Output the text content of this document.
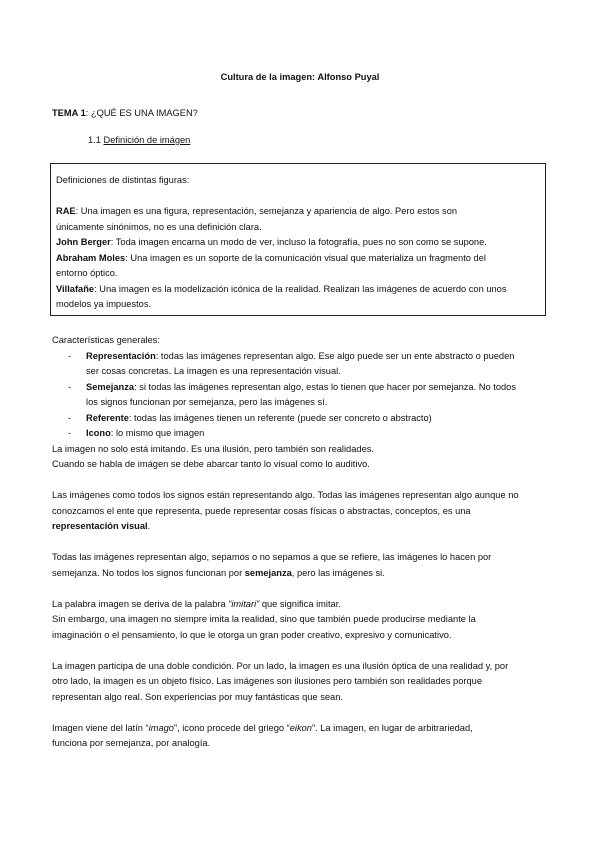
Cultura de la imagen: Alfonso Puyal
TEMA 1: ¿QUÉ ES UNA IMAGEN?
1.1 Definición de imágen
Definiciones de distintas figuras:
RAE: Una imagen es una figura, representación, semejanza y apariencia de algo. Pero estos son
únicamente sinónimos, no es una definición clara.
John Berger: Toda imagen encarna un modo de ver, incluso la fotografía, pues no son como se supone.
Abraham Moles: Una imagen es un soporte de la comunicación visual que materializa un fragmento del
entorno óptico.
Villafañe: Una imagen es la modelización icónica de la realidad. Realizan las imágenes de acuerdo con unos
modelos ya impuestos.
Características generales:
- Representación: todas las imágenes representan algo. Ese algo puede ser un ente abstracto o pueden
ser cosas concretas. La imagen es una representación visual.
- Semejanza: si todas las imágenes representan algo, estas lo tienen que hacer por semejanza. No todos
los signos funcionan por semejanza, pero las imágenes sí.
- Referente: todas las imágenes tienen un referente (puede ser concreto o abstracto)
- Icono: lo mismo que imagen
La imagen no solo está imitando. Es una ilusión, pero también son realidades.
Cuando se habla de imágen se debe abarcar tanto lo visual como lo auditivo.
Las imágenes como todos los signos están representando algo. Todas las imágenes representan algo aunque no
conozcamos el ente que representa, puede representar cosas físicas o abstractas, conceptos, es una
representación visual.
Todas las imágenes representan algo, sepamos o no sepamos a que se refiere, las imágenes lo hacen por
semejanza. No todos los signos funcionan por semejanza, pero las imágenes si.
La palabra imagen se deriva de la palabra “imitari” que significa imitar.
Sin embargo, una imagen no siempre imita la realidad, sino que también puede producirse mediante la
imaginación o el pensamiento, lo que le otorga un gran poder creativo, expresivo y comunicativo.
La imagen participa de una doble condición. Por un lado, la imagen es una ilusión óptica de una realidad y, por
otro lado, la imagen es un objeto físico. Las imágenes son ilusiones pero también son realidades porque
representan algo real. Son experiencias por muy fantásticas que sean.
Imagen viene del latín “imago”, icono procede del griego “eikon”. La imagen, en lugar de arbitrariedad,
funciona por semejanza, por analogía.
